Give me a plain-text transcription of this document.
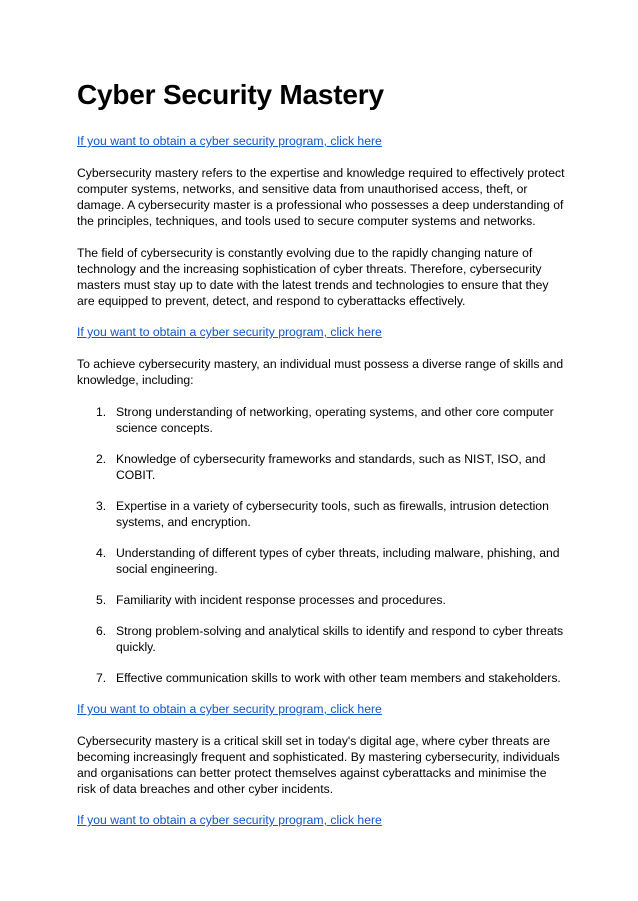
Cyber Security Mastery
If you want to obtain a cyber security program, click here

Cybersecurity mastery refers to the expertise and knowledge required to effectively protect computer systems, networks, and sensitive data from unauthorised access, theft, or damage. A cybersecurity master is a professional who possesses a deep understanding of the principles, techniques, and tools used to secure computer systems and networks.

The field of cybersecurity is constantly evolving due to the rapidly changing nature of technology and the increasing sophistication of cyber threats. Therefore, cybersecurity masters must stay up to date with the latest trends and technologies to ensure that they are equipped to prevent, detect, and respond to cyberattacks effectively.

If you want to obtain a cyber security program, click here

To achieve cybersecurity mastery, an individual must possess a diverse range of skills and knowledge, including:

1. Strong understanding of networking, operating systems, and other core computer science concepts.
2. Knowledge of cybersecurity frameworks and standards, such as NIST, ISO, and COBIT.
3. Expertise in a variety of cybersecurity tools, such as firewalls, intrusion detection systems, and encryption.
4. Understanding of different types of cyber threats, including malware, phishing, and social engineering.
5. Familiarity with incident response processes and procedures.
6. Strong problem-solving and analytical skills to identify and respond to cyber threats quickly.
7. Effective communication skills to work with other team members and stakeholders.
If you want to obtain a cyber security program, click here

Cybersecurity mastery is a critical skill set in today's digital age, where cyber threats are becoming increasingly frequent and sophisticated. By mastering cybersecurity, individuals and organisations can better protect themselves against cyberattacks and minimise the risk of data breaches and other cyber incidents.

If you want to obtain a cyber security program, click here
